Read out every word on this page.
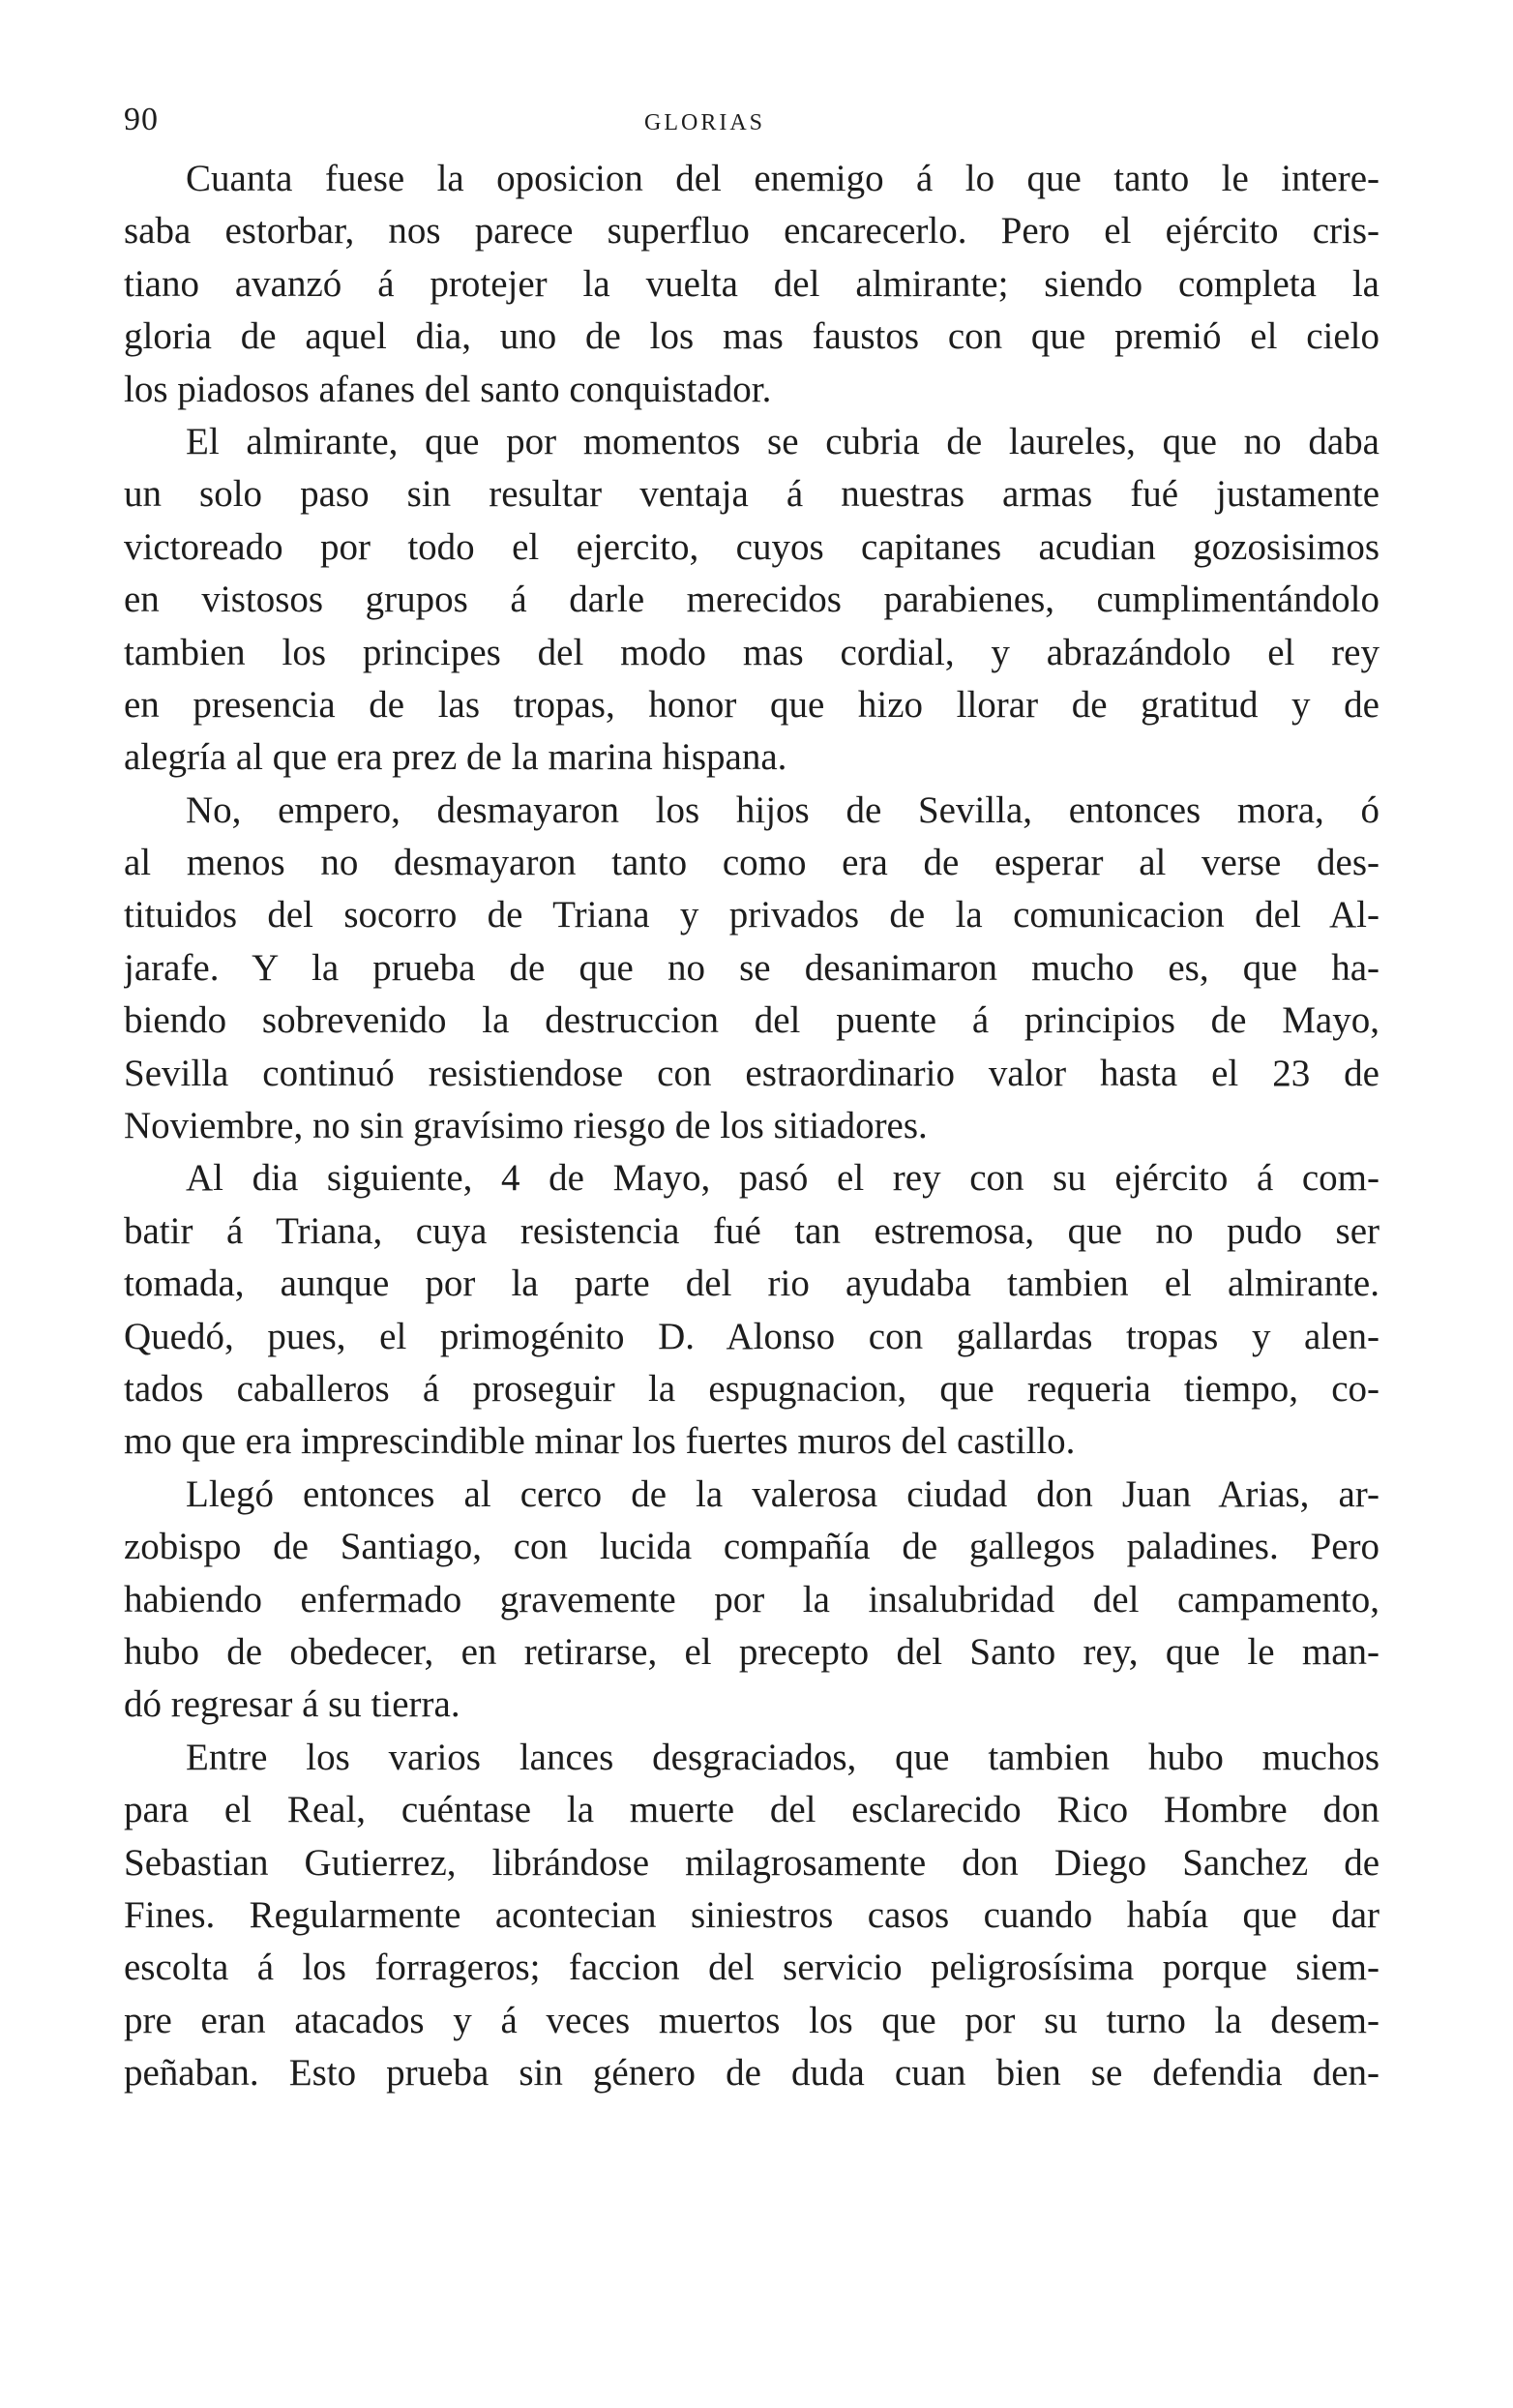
90	GLORIAS
Cuanta fuese la oposicion del enemigo á lo que tanto le intere-
saba estorbar, nos parece superfluo encarecerlo. Pero el ejército cris-
tiano avanzó á protejer la vuelta del almirante; siendo completa la
gloria de aquel dia, uno de los mas faustos con que premió el cielo
los piadosos afanes del santo conquistador.
El almirante, que por momentos se cubria de laureles, que no daba
un solo paso sin resultar ventaja á nuestras armas fué justamente
victoreado por todo el ejercito, cuyos capitanes acudian gozosisimos
en vistosos grupos á darle merecidos parabienes, cumplimentándolo
tambien los principes del modo mas cordial, y abrazándolo el rey
en presencia de las tropas, honor que hizo llorar de gratitud y de
alegría al que era prez de la marina hispana.
No, empero, desmayaron los hijos de Sevilla, entonces mora, ó
al menos no desmayaron tanto como era de esperar al verse des-
tituidos del socorro de Triana y privados de la comunicacion del Al-
jarafe. Y la prueba de que no se desanimaron mucho es, que ha-
biendo sobrevenido la destruccion del puente á principios de Mayo,
Sevilla continuó resistiendose con estraordinario valor hasta el 23 de
Noviembre, no sin gravísimo riesgo de los sitiadores.
Al dia siguiente, 4 de Mayo, pasó el rey con su ejército á com-
batir á Triana, cuya resistencia fué tan estremosa, que no pudo ser
tomada, aunque por la parte del rio ayudaba tambien el almirante.
Quedó, pues, el primogénito D. Alonso con gallardas tropas y alen-
tados caballeros á proseguir la espugnacion, que requeria tiempo, co-
mo que era imprescindible minar los fuertes muros del castillo.
Llegó entonces al cerco de la valerosa ciudad don Juan Arias, ar-
zobispo de Santiago, con lucida compañía de gallegos paladines. Pero
habiendo enfermado gravemente por la insalubridad del campamento,
hubo de obedecer, en retirarse, el precepto del Santo rey, que le man-
dó regresar á su tierra.
Entre los varios lances desgraciados, que tambien hubo muchos
para el Real, cuéntase la muerte del esclarecido Rico Hombre don
Sebastian Gutierrez, librándose milagrosamente don Diego Sanchez de
Fines. Regularmente acontecian siniestros casos cuando había que dar
escolta á los forrageros; faccion del servicio peligrosísima porque siem-
pre eran atacados y á veces muertos los que por su turno la desem-
peñaban. Esto prueba sin género de duda cuan bien se defendia den-
